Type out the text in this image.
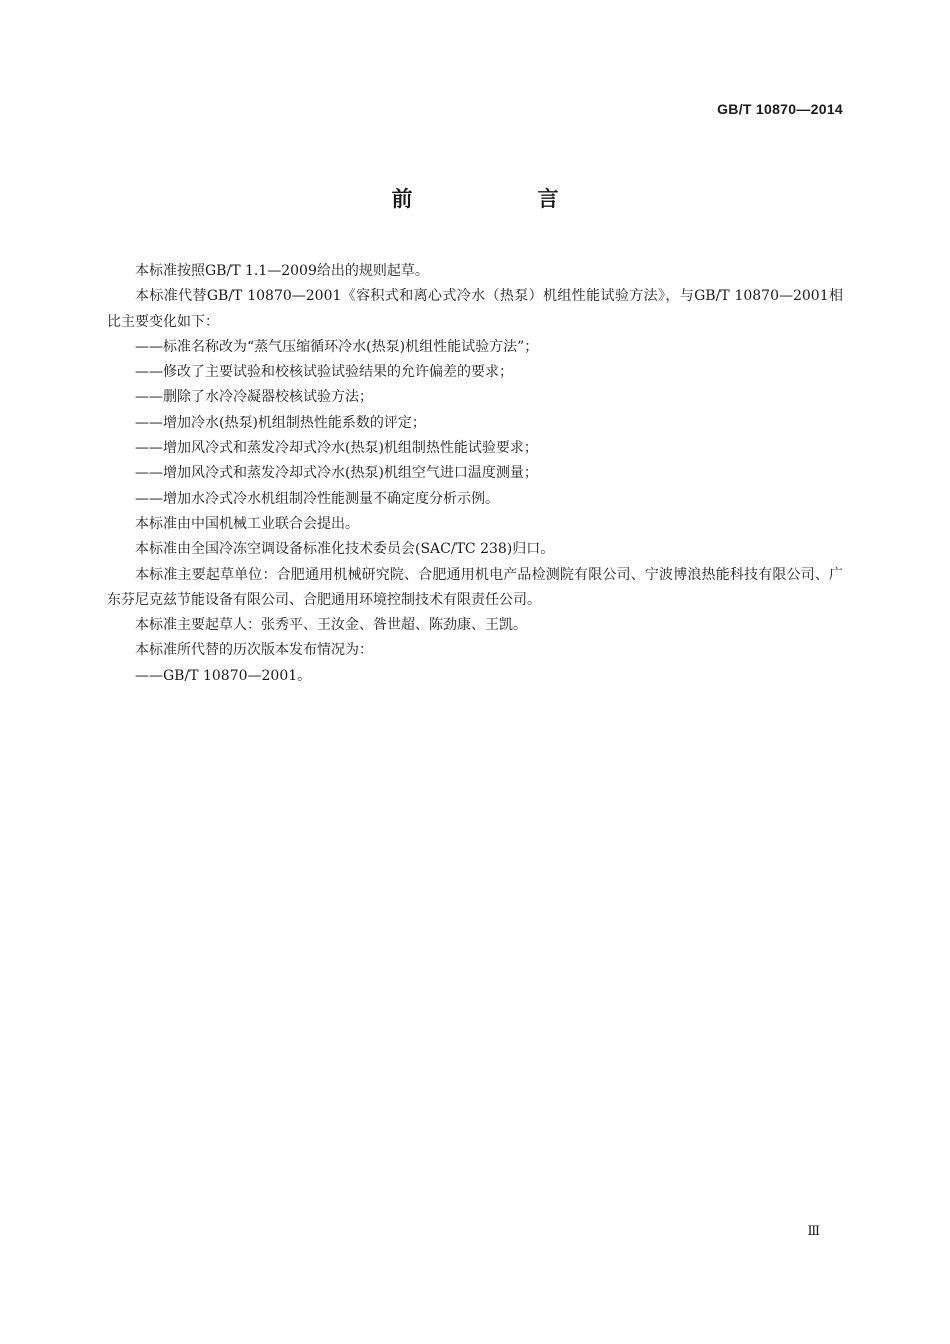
GB/T 10870—2014
前　言

本标准按照GB/T 1.1—2009给出的规则起草。

本标准代替GB/T 10870—2001《容积式和离心式冷水（热泵）机组性能试验方法》，与GB/T 10870—2001相比主要变化如下：

——标准名称改为“蒸气压缩循环冷水(热泵)机组性能试验方法”；

——修改了主要试验和校核试验试验结果的允许偏差的要求；

——删除了水冷冷凝器校核试验方法；

——增加冷水(热泵)机组制热性能系数的评定；

——增加风冷式和蒸发冷却式冷水(热泵)机组制热性能试验要求；

——增加风冷式和蒸发冷却式冷水(热泵)机组空气进口温度测量；

——增加水冷式冷水机组制冷性能测量不确定度分析示例。

本标准由中国机械工业联合会提出。

本标准由全国冷冻空调设备标准化技术委员会(SAC/TC 238)归口。

本标准主要起草单位：合肥通用机械研究院、合肥通用机电产品检测院有限公司、宁波博浪热能科技有限公司、广东芬尼克兹节能设备有限公司、合肥通用环境控制技术有限责任公司。

本标准主要起草人：张秀平、王汝金、昝世超、陈劲康、王凯。

本标准所代替的历次版本发布情况为：

——GB/T 10870—2001。

Ⅲ
